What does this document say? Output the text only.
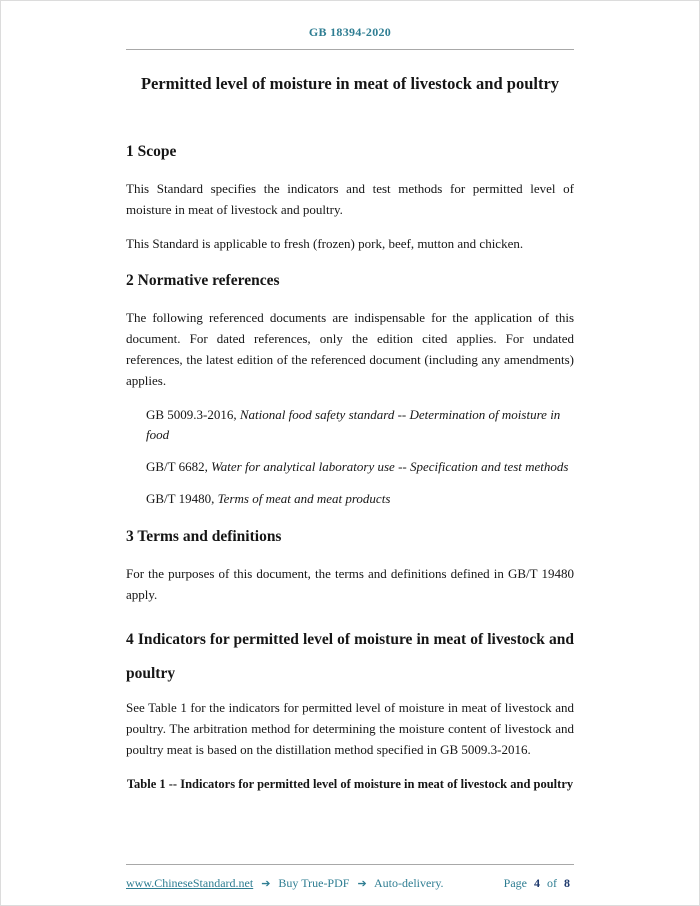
GB 18394-2020
Permitted level of moisture in meat of livestock and poultry
1 Scope

This Standard specifies the indicators and test methods for permitted level of moisture in meat of livestock and poultry.

This Standard is applicable to fresh (frozen) pork, beef, mutton and chicken.

2 Normative references

The following referenced documents are indispensable for the application of this document. For dated references, only the edition cited applies. For undated references, the latest edition of the referenced document (including any amendments) applies.

GB 5009.3-2016, National food safety standard -- Determination of moisture in food

GB/T 6682, Water for analytical laboratory use -- Specification and test methods

GB/T 19480, Terms of meat and meat products

3 Terms and definitions

For the purposes of this document, the terms and definitions defined in GB/T 19480 apply.

4 Indicators for permitted level of moisture in meat of livestock and poultry

See Table 1 for the indicators for permitted level of moisture in meat of livestock and poultry. The arbitration method for determining the moisture content of livestock and poultry meat is based on the distillation method specified in GB 5009.3-2016.

Table 1 -- Indicators for permitted level of moisture in meat of livestock and poultry
www.ChineseStandard.net ➔ Buy True-PDF ➔ Auto-delivery.	Page 4 of 8
